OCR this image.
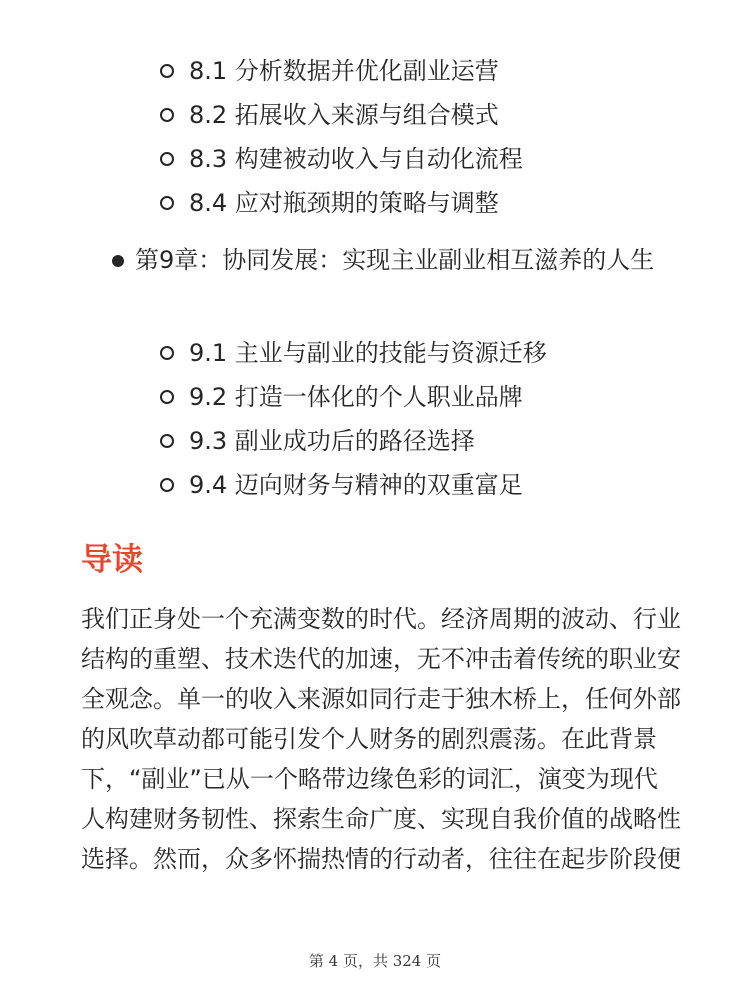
8.1 分析数据并优化副业运营
8.2 拓展收入来源与组合模式
8.3 构建被动收入与自动化流程
8.4 应对瓶颈期的策略与调整
第9章：协同发展：实现主业副业相互滋养的人生
9.1 主业与副业的技能与资源迁移
9.2 打造一体化的个人职业品牌
9.3 副业成功后的路径选择
9.4 迈向财务与精神的双重富足
导读

我们正身处一个充满变数的时代。经济周期的波动、行业结构的重塑、技术迭代的加速，无不冲击着传统的职业安全观念。单一的收入来源如同行走于独木桥上，任何外部的风吹草动都可能引发个人财务的剧烈震荡。在此背景下，“副业”已从一个略带边缘色彩的词汇，演变为现代人构建财务韧性、探索生命广度、实现自我价值的战略性选择。然而，众多怀揣热情的行动者，往往在起步阶段便

第 4 页，共 324 页
